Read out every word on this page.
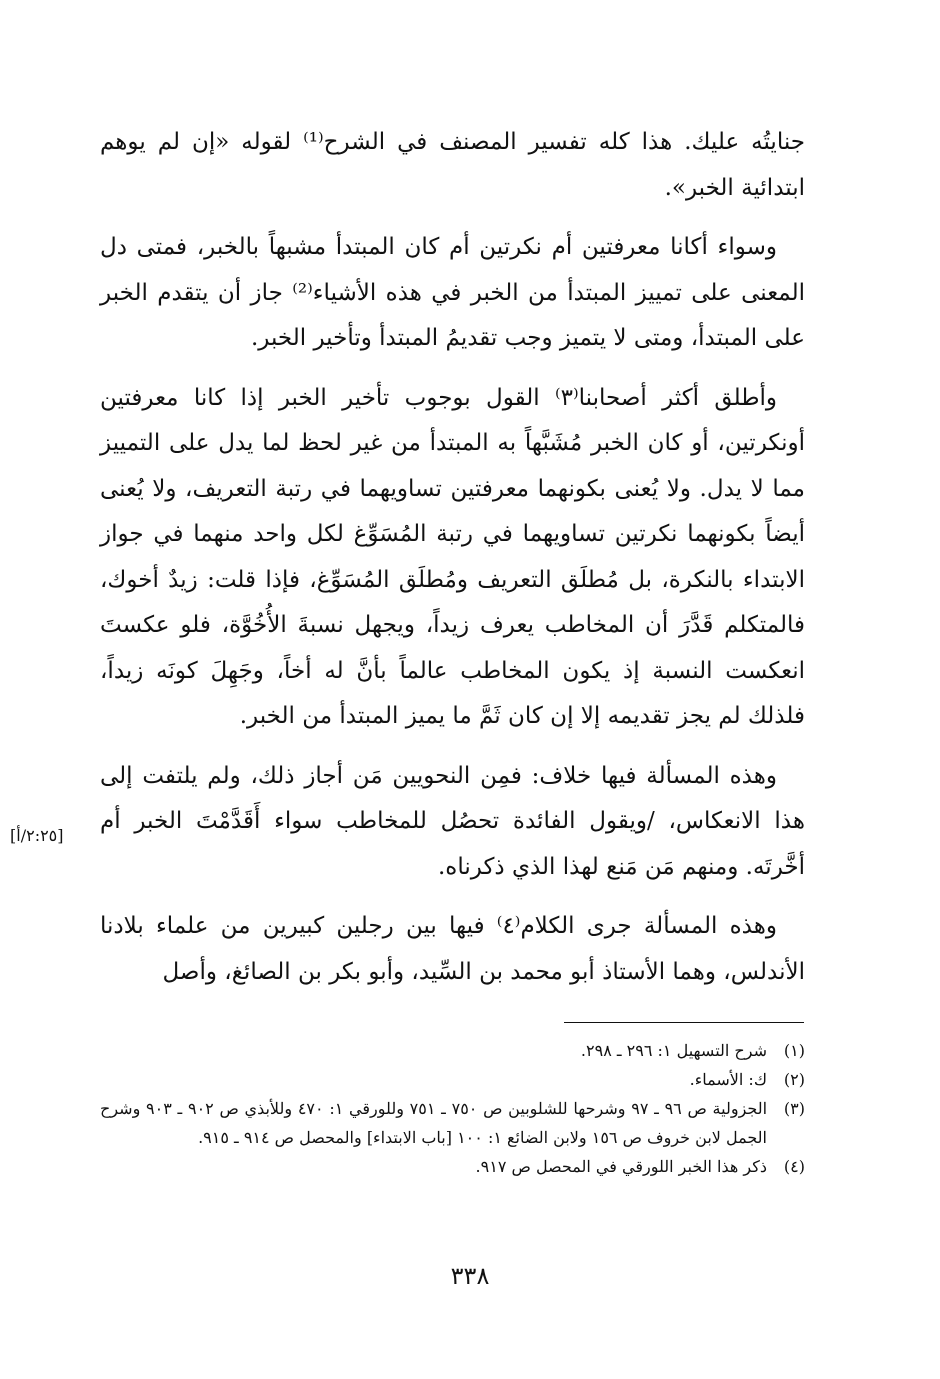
جنايتُه عليك. هذا كله تفسير المصنف في الشرح⁽¹⁾ لقوله «إن لم يوهم ابتدائية الخبر».

وسواء أكانا معرفتين أم نكرتين أم كان المبتدأ مشبهاً بالخبر، فمتى دل المعنى على تمييز المبتدأ من الخبر في هذه الأشياء⁽²⁾ جاز أن يتقدم الخبر على المبتدأ، ومتى لا يتميز وجب تقديمُ المبتدأ وتأخير الخبر.

وأطلق أكثر أصحابنا⁽٣⁾ القول بوجوب تأخير الخبر إذا كانا معرفتين أونكرتين، أو كان الخبر مُشَبَّهاً به المبتدأ من غير لحظ لما يدل على التمييز مما لا يدل. ولا يُعنى بكونهما معرفتين تساويهما في رتبة التعريف، ولا يُعنى أيضاً بكونهما نكرتين تساويهما في رتبة المُسَوِّغ لكل واحد منهما في جواز الابتداء بالنكرة، بل مُطلَق التعريف ومُطلَق المُسَوِّغ، فإذا قلت: زيدٌ أخوك، فالمتكلم قَدَّرَ أن المخاطب يعرف زيداً، ويجهل نسبةَ الأُخُوَّة، فلو عكستَ انعكست النسبة إذ يكون المخاطب عالماً بأنَّ له أخاً، وجَهِلَ كونَه زيداً، فلذلك لم يجز تقديمه إلا إن كان ثَمَّ ما يميز المبتدأ من الخبر.

وهذه المسألة فيها خلاف: فمِن النحويين مَن أجاز ذلك، ولم يلتفت إلى هذا الانعكاس، /ويقول الفائدة تحصُل للمخاطب سواء أَقَدَّمْتَ الخبر أم أخَّرتَه. ومنهم مَن مَنع لهذا الذي ذكرناه.

وهذه المسألة جرى الكلام⁽٤⁾ فيها بين رجلين كبيرين من علماء بلادنا الأندلس، وهما الأستاذ أبو محمد بن السِّيد، وأبو بكر بن الصائغ، وأصل

[٢:٢٥/أ]
(١)
شرح التسهيل ١: ٢٩٦ ـ ٢٩٨.
(٢)
ك: الأسماء.
(٣)
الجزولية ص ٩٦ ـ ٩٧ وشرحها للشلوبين ص ٧٥٠ ـ ٧٥١ وللورقي ١: ٤٧٠ وللأبذي ص ٩٠٢ ـ ٩٠٣ وشرح الجمل لابن خروف ص ١٥٦ ولابن الضائع ١: ١٠٠ [باب الابتداء] والمحصل ص ٩١٤ ـ ٩١٥.
(٤)
ذكر هذا الخبر اللورقي في المحصل ص ٩١٧.
٣٣٨
